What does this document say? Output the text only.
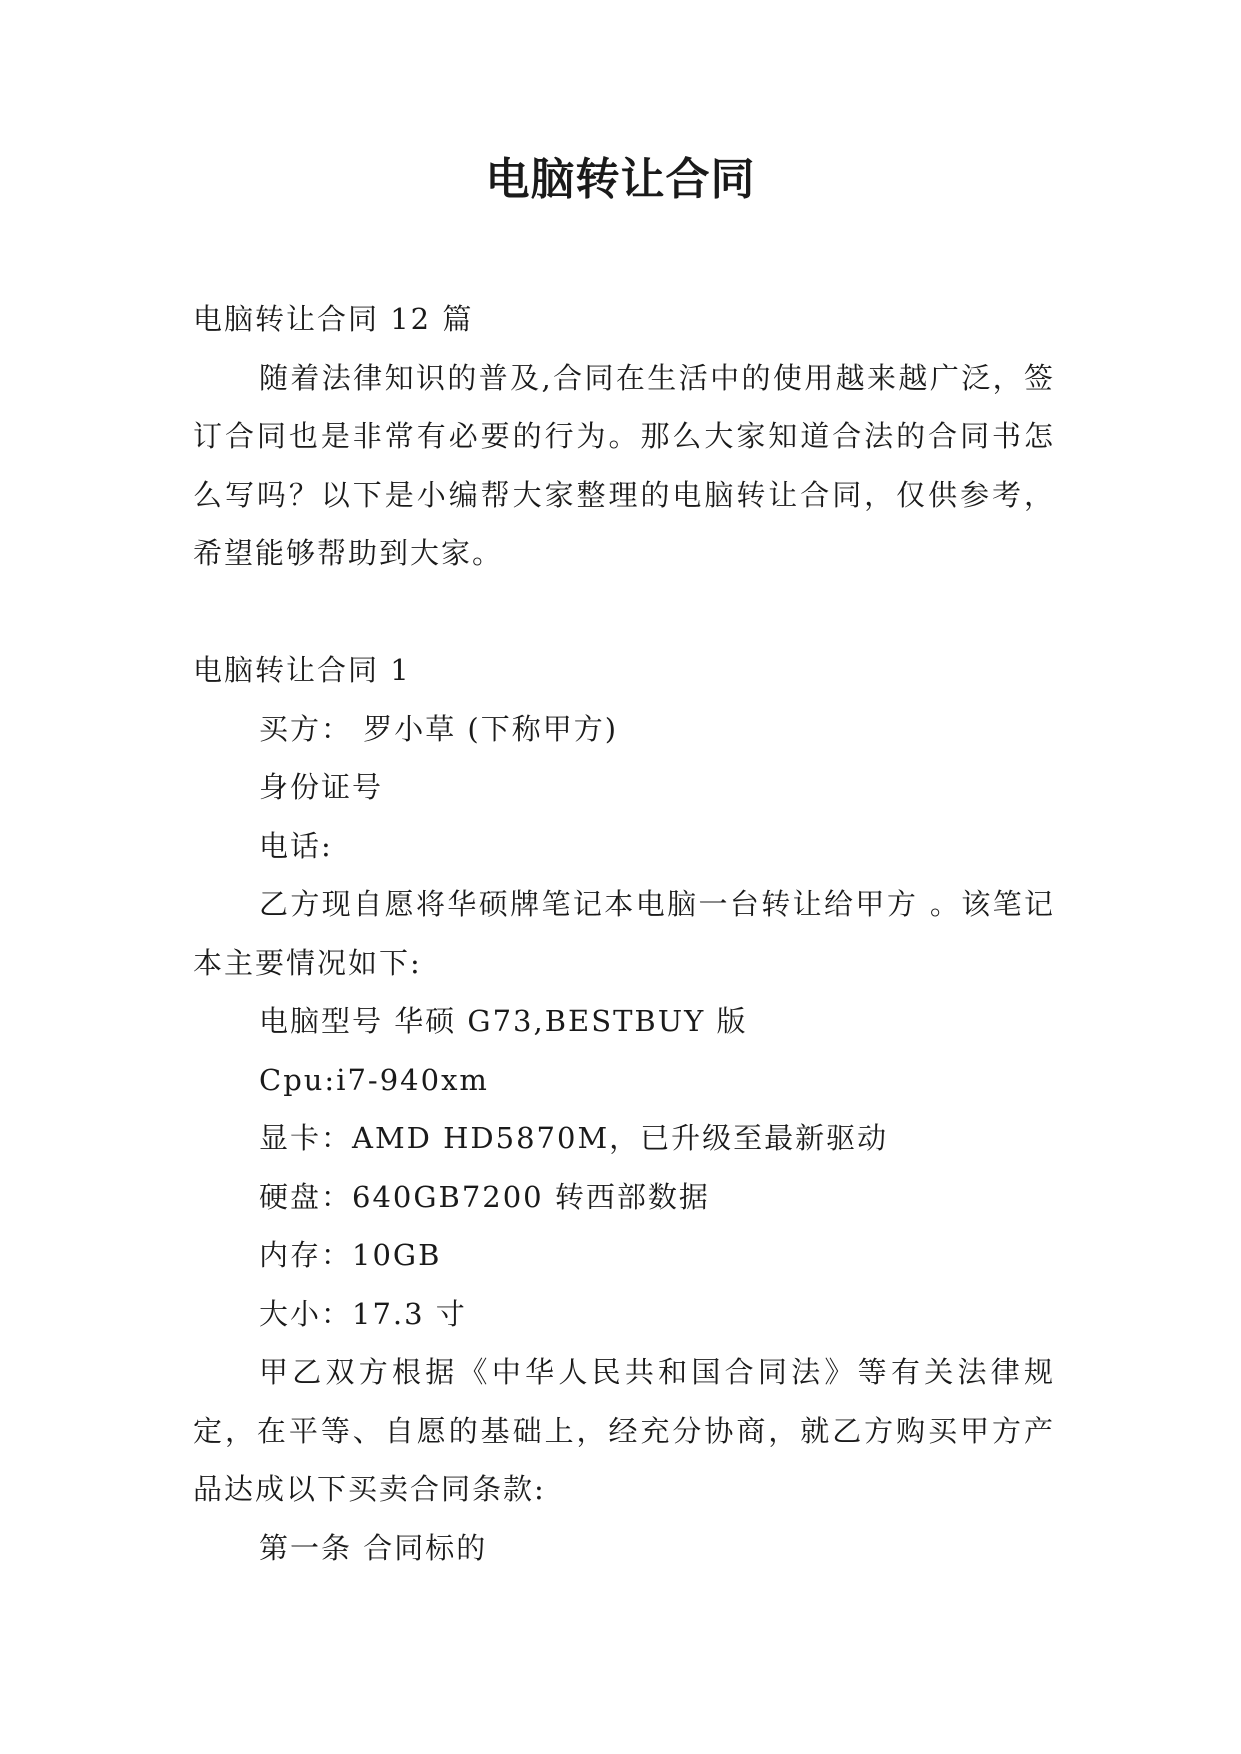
电脑转让合同

电脑转让合同 12 篇

随着法律知识的普及,合同在生活中的使用越来越广泛，签订合同也是非常有必要的行为。那么大家知道合法的合同书怎么写吗？以下是小编帮大家整理的电脑转让合同，仅供参考，希望能够帮助到大家。

电脑转让合同 1

买方： 罗小草 (下称甲方)

身份证号

电话:

乙方现自愿将华硕牌笔记本电脑一台转让给甲方 。该笔记本主要情况如下:

电脑型号 华硕 G73,BESTBUY 版

Cpu:i7-940xm

显卡：AMD HD5870M，已升级至最新驱动

硬盘：640GB7200 转西部数据

内存：10GB

大小：17.3 寸

甲乙双方根据《中华人民共和国合同法》等有关法律规定，在平等、自愿的基础上，经充分协商，就乙方购买甲方产品达成以下买卖合同条款:

第一条 合同标的
